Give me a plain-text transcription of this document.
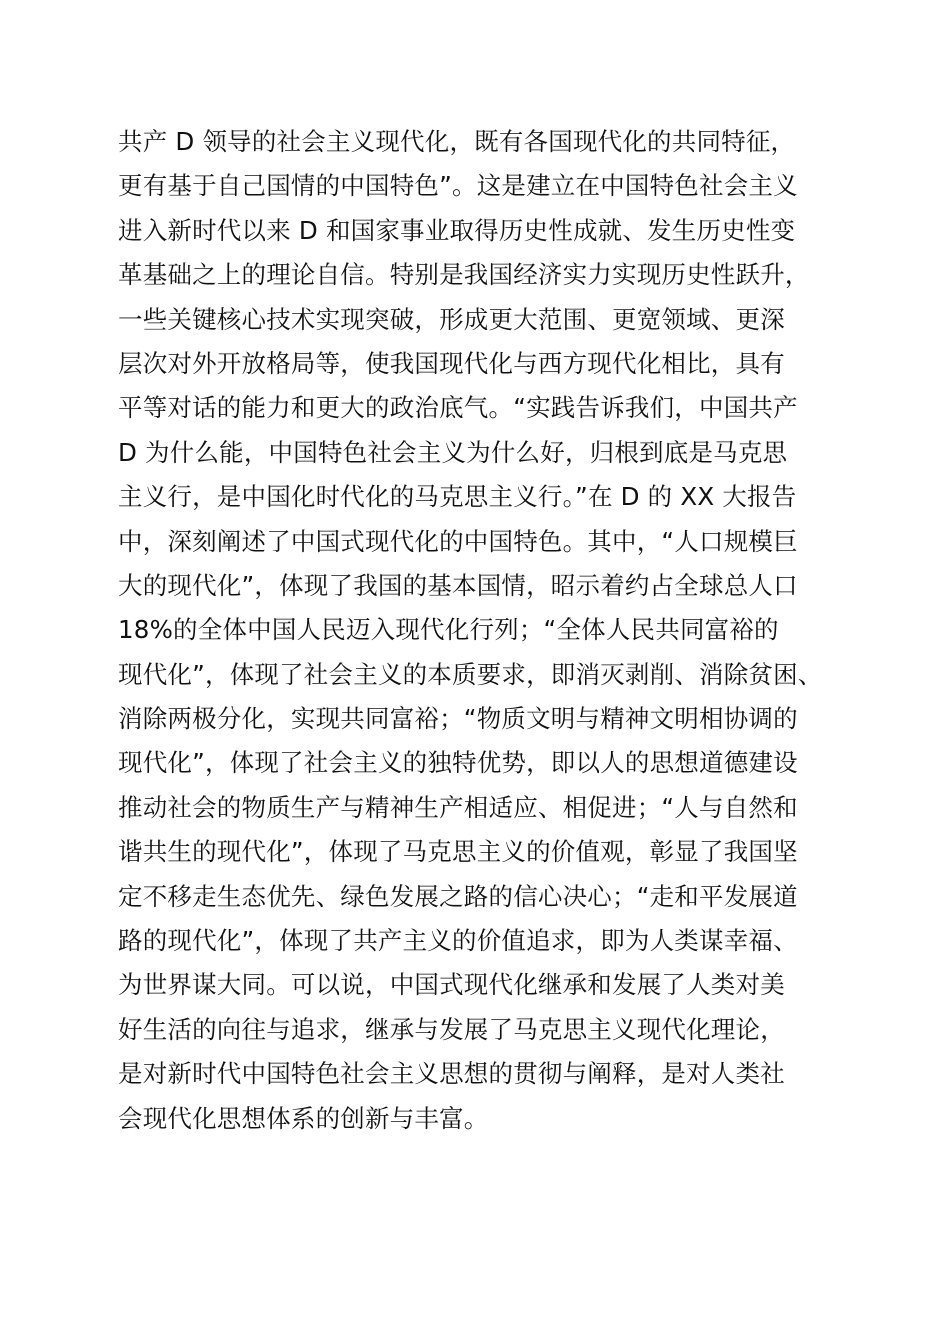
共产 D 领导的社会主义现代化，既有各国现代化的共同特征，
更有基于自己国情的中国特色”。这是建立在中国特色社会主义
进入新时代以来 D 和国家事业取得历史性成就、发生历史性变
革基础之上的理论自信。特别是我国经济实力实现历史性跃升，
一些关键核心技术实现突破，形成更大范围、更宽领域、更深
层次对外开放格局等，使我国现代化与西方现代化相比，具有
平等对话的能力和更大的政治底气。“实践告诉我们，中国共产
D 为什么能，中国特色社会主义为什么好，归根到底是马克思
主义行，是中国化时代化的马克思主义行。”在 D 的 XX 大报告
中，深刻阐述了中国式现代化的中国特色。其中，“人口规模巨
大的现代化”，体现了我国的基本国情，昭示着约占全球总人口
18%的全体中国人民迈入现代化行列；“全体人民共同富裕的
现代化”，体现了社会主义的本质要求，即消灭剥削、消除贫困、
消除两极分化，实现共同富裕；“物质文明与精神文明相协调的
现代化”，体现了社会主义的独特优势，即以人的思想道德建设
推动社会的物质生产与精神生产相适应、相促进；“人与自然和
谐共生的现代化”，体现了马克思主义的价值观，彰显了我国坚
定不移走生态优先、绿色发展之路的信心决心；“走和平发展道
路的现代化”，体现了共产主义的价值追求，即为人类谋幸福、
为世界谋大同。可以说，中国式现代化继承和发展了人类对美
好生活的向往与追求，继承与发展了马克思主义现代化理论，
是对新时代中国特色社会主义思想的贯彻与阐释，是对人类社
会现代化思想体系的创新与丰富。
